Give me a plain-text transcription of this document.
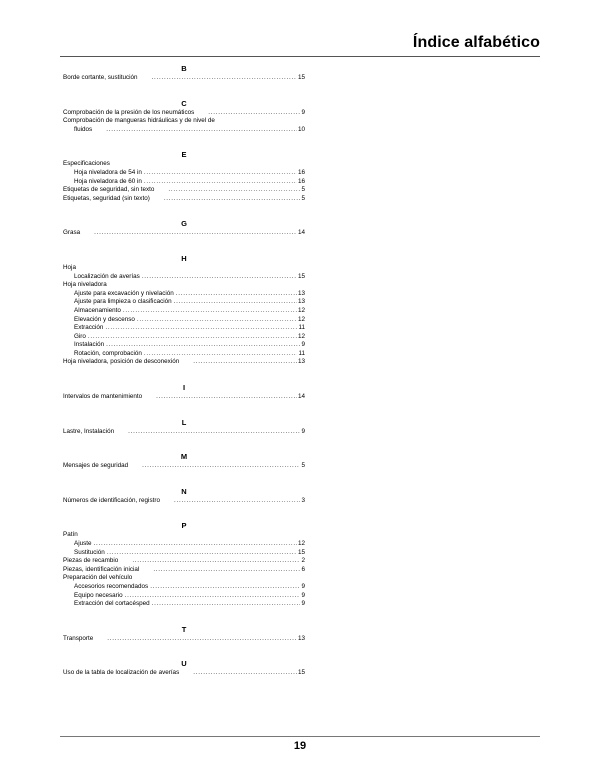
Índice alfabético
B
Borde cortante, sustitución . . .	15
C
Comprobación de la presión de los neumáticos . . .	9
Comprobación de mangueras hidráulicas y de nivel de
fluidos . . .	10
E
Especificaciones
Hoja niveladora de 54 in . . .	16
Hoja niveladora de 60 in . . .	16
Etiquetas de seguridad, sin texto . . .	5
Etiquetas, seguridad (sin texto) . . .	5
G
Grasa . . .	14
H
Hoja
Localización de averías . . .	15
Hoja niveladora
Ajuste para excavación y nivelación . . .	13
Ajuste para limpieza o clasificación . . .	13
Almacenamiento . . .	12
Elevación y descenso . . .	12
Extracción . . .	11
Giro . . .	12
Instalación . . .	9
Rotación, comprobación . . .	11
Hoja niveladora, posición de desconexión . . .	13
I
Intervalos de mantenimiento . . .	14
L
Lastre, Instalación . . .	9
M
Mensajes de seguridad . . .	5
N
Números de identificación, registro . . .	3
P
Patín
Ajuste . . .	12
Sustitución . . .	15
Piezas de recambio . . .	2
Piezas, identificación inicial . . .	6
Preparación del vehículo
Accesorios recomendados . . .	9
Equipo necesario . . .	9
Extracción del cortacésped . . .	9
T
Transporte . . .	13
U
Uso de la tabla de localización de averías . . .	15
19
